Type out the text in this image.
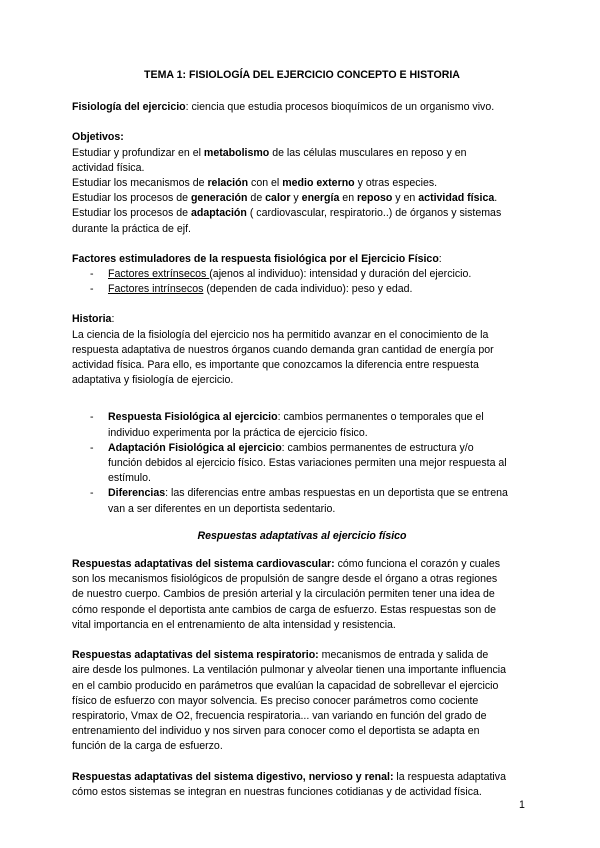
TEMA 1: FISIOLOGÍA DEL EJERCICIO CONCEPTO E HISTORIA

Fisiología del ejercicio: ciencia que estudia procesos bioquímicos de un organismo vivo.

Objetivos:
Estudiar y profundizar en el metabolismo de las células musculares en reposo y en
actividad física.
Estudiar los mecanismos de relación con el medio externo y otras especies.
Estudiar los procesos de generación de calor y energía en reposo y en actividad física.
Estudiar los procesos de adaptación ( cardiovascular, respiratorio..) de órganos y sistemas
durante la práctica de ejf.
Factores estimuladores de la respuesta fisiológica por el Ejercicio Físico:
- Factores extrínsecos (ajenos al individuo): intensidad y duración del ejercicio.
- Factores intrínsecos (dependen de cada individuo): peso y edad.
Historia:
La ciencia de la fisiología del ejercicio nos ha permitido avanzar en el conocimiento de la
respuesta adaptativa de nuestros órganos cuando demanda gran cantidad de energía por
actividad física. Para ello, es importante que conozcamos la diferencia entre respuesta
adaptativa y fisiología de ejercicio.
- Respuesta Fisiológica al ejercicio: cambios permanentes o temporales que el
individuo experimenta por la práctica de ejercicio físico.
- Adaptación Fisiológica al ejercicio: cambios permanentes de estructura y/o
función debidos al ejercicio físico. Estas variaciones permiten una mejor respuesta al
estímulo.
- Diferencias: las diferencias entre ambas respuestas en un deportista que se entrena
van a ser diferentes en un deportista sedentario.
Respuestas adaptativas al ejercicio físico
Respuestas adaptativas del sistema cardiovascular: cómo funciona el corazón y cuales
son los mecanismos fisiológicos de propulsión de sangre desde el órgano a otras regiones
de nuestro cuerpo. Cambios de presión arterial y la circulación permiten tener una idea de
cómo responde el deportista ante cambios de carga de esfuerzo. Estas respuestas son de
vital importancia en el entrenamiento de alta intensidad y resistencia.
Respuestas adaptativas del sistema respiratorio: mecanismos de entrada y salida de
aire desde los pulmones. La ventilación pulmonar y alveolar tienen una importante influencia
en el cambio producido en parámetros que evalúan la capacidad de sobrellevar el ejercicio
físico de esfuerzo con mayor solvencia. Es preciso conocer parámetros como cociente
respiratorio, Vmax de O2, frecuencia respiratoria... van variando en función del grado de
entrenamiento del individuo y nos sirven para conocer como el deportista se adapta en
función de la carga de esfuerzo.
Respuestas adaptativas del sistema digestivo, nervioso y renal: la respuesta adaptativa
cómo estos sistemas se integran en nuestras funciones cotidianas y de actividad física.
1
